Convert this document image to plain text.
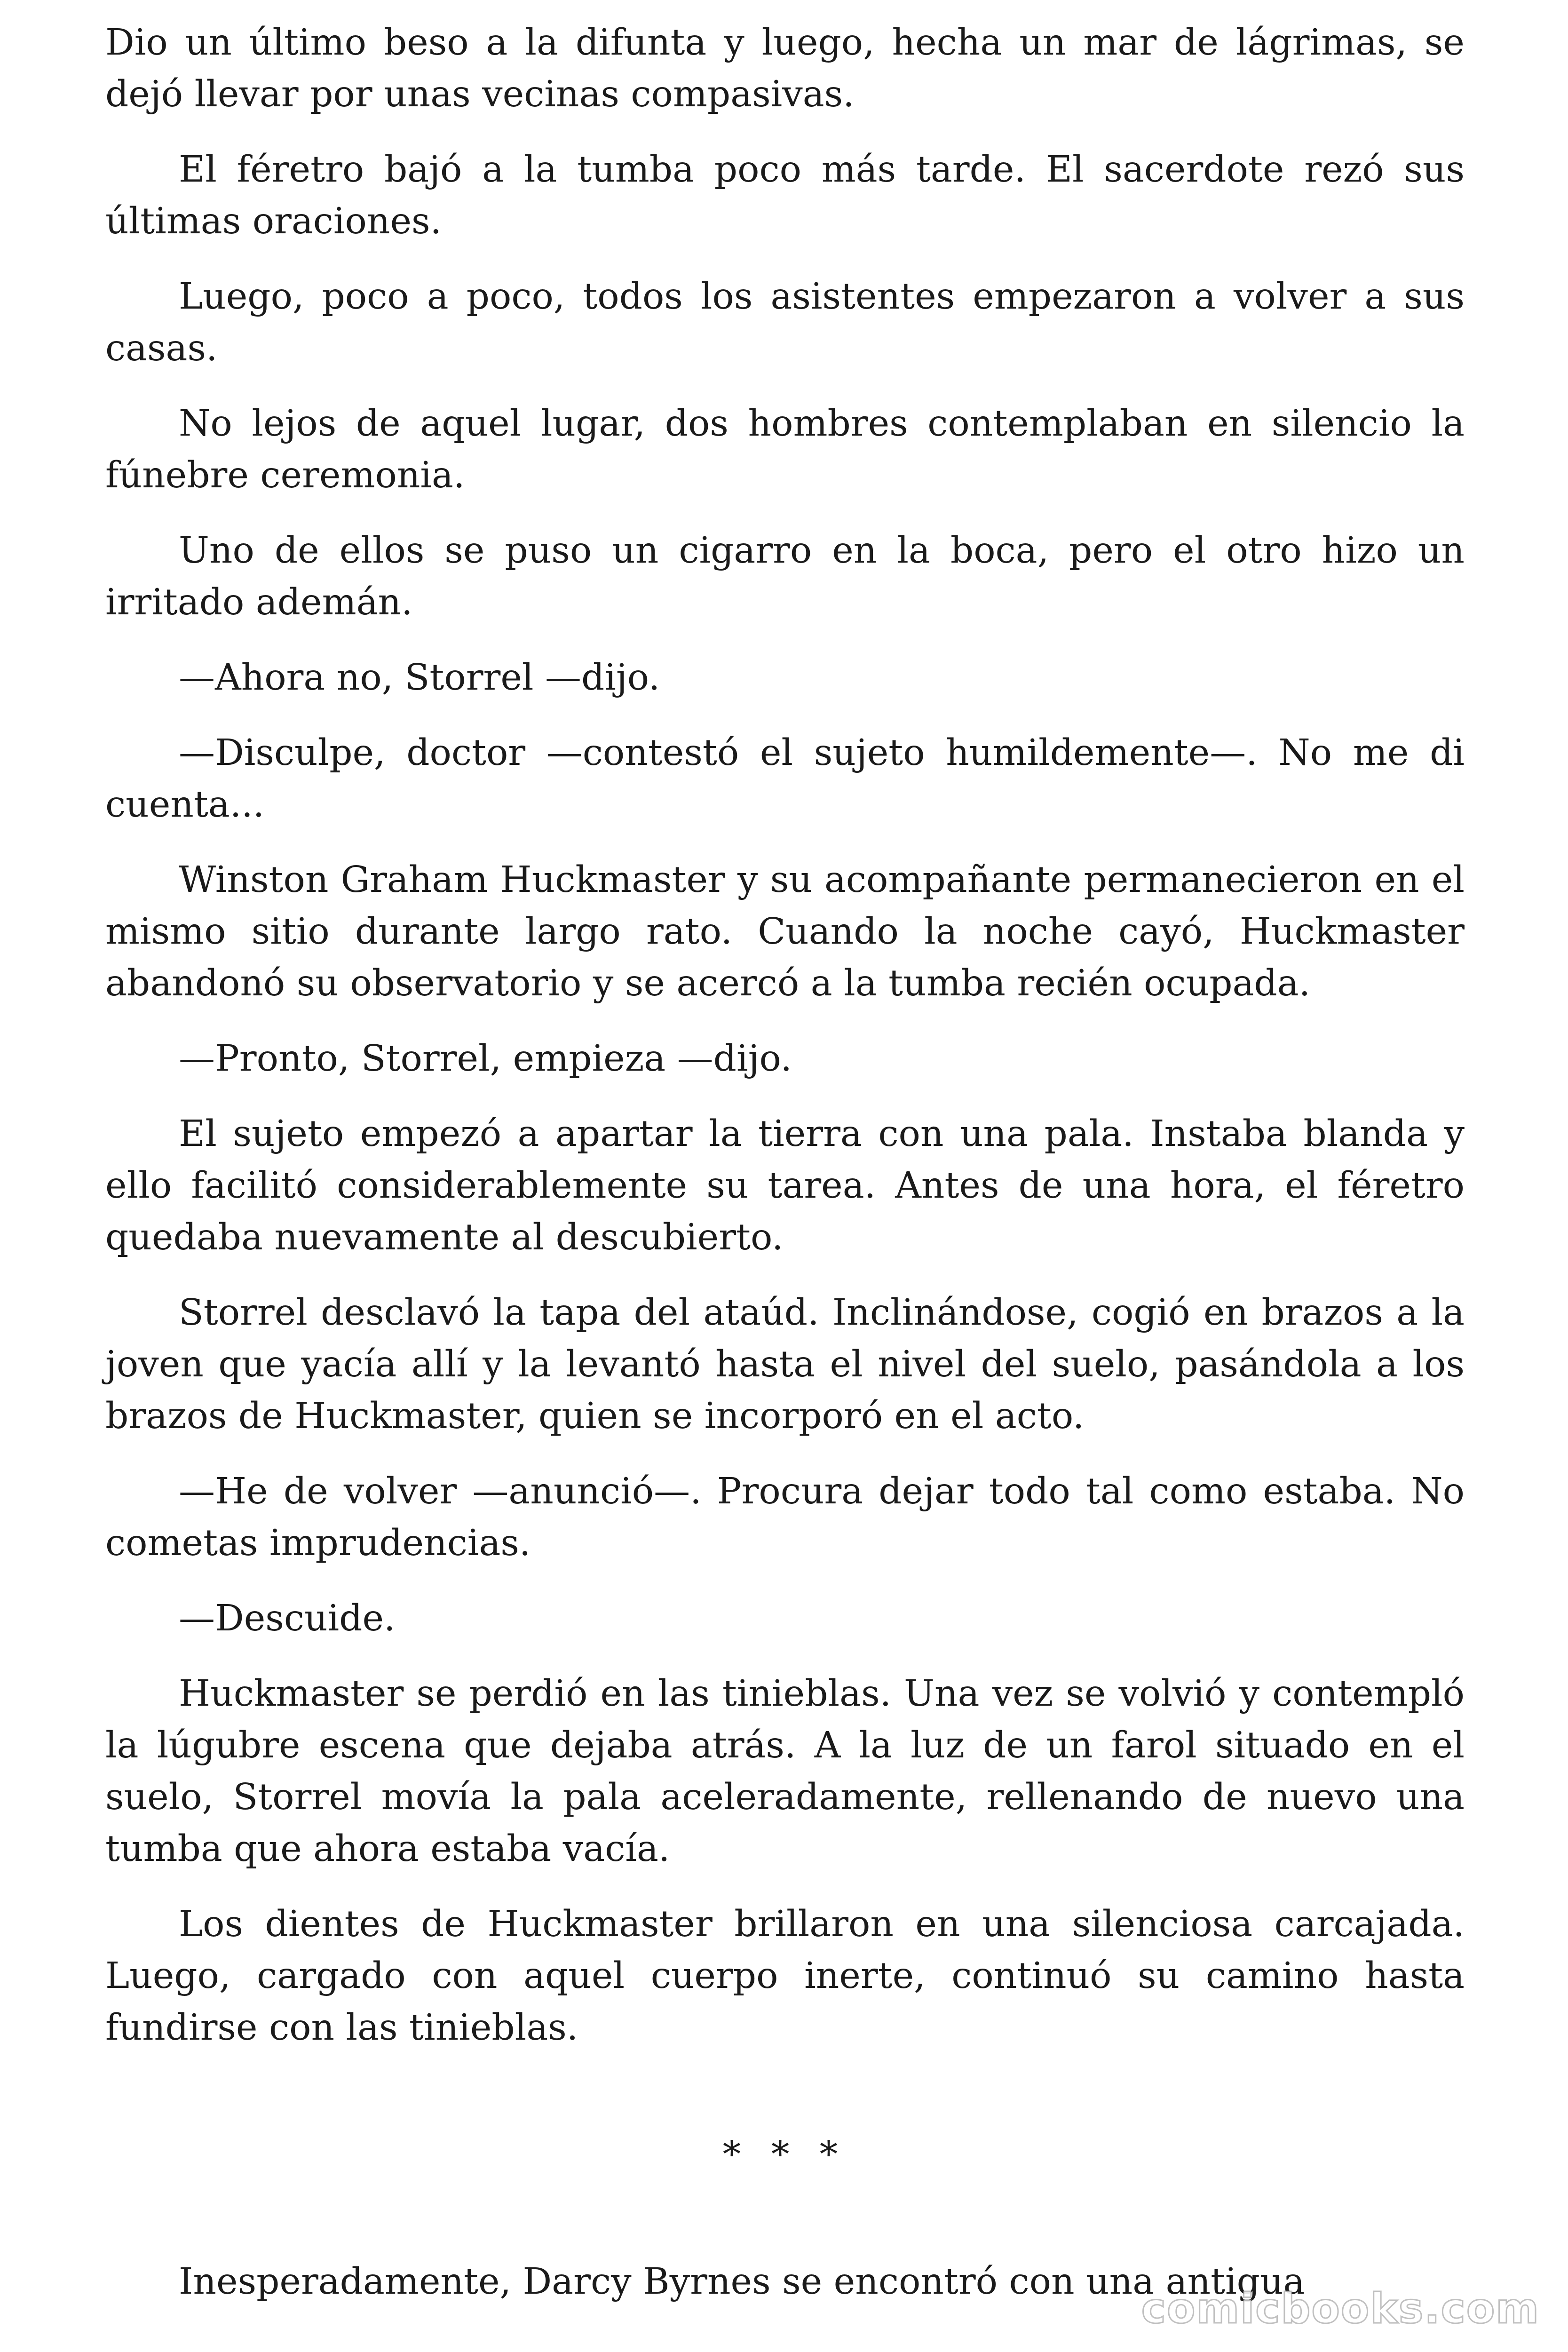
Dio un último beso a la difunta y luego, hecha un mar de lágrimas, se dejó llevar por unas vecinas compasivas.

El féretro bajó a la tumba poco más tarde. El sacerdote rezó sus últimas oraciones.

Luego, poco a poco, todos los asistentes empezaron a volver a sus casas.

No lejos de aquel lugar, dos hombres contemplaban en silencio la fúnebre ceremonia.

Uno de ellos se puso un cigarro en la boca, pero el otro hizo un irritado ademán.

—Ahora no, Storrel —dijo.

—Disculpe, doctor —contestó el sujeto humildemente—. No me di cuenta...

Winston Graham Huckmaster y su acompañante permanecieron en el mismo sitio durante largo rato. Cuando la noche cayó, Huckmaster abandonó su observatorio y se acercó a la tumba recién ocupada.

—Pronto, Storrel, empieza —dijo.

El sujeto empezó a apartar la tierra con una pala. Instaba blanda y ello facilitó considerablemente su tarea. Antes de una hora, el féretro quedaba nuevamente al descubierto.

Storrel desclavó la tapa del ataúd. Inclinándose, cogió en brazos a la joven que yacía allí y la levantó hasta el nivel del suelo, pasándola a los brazos de Huckmaster, quien se incorporó en el acto.

—He de volver —anunció—. Procura dejar todo tal como estaba. No cometas imprudencias.

—Descuide.

Huckmaster se perdió en las tinieblas. Una vez se volvió y contempló la lúgubre escena que dejaba atrás. A la luz de un farol situado en el suelo, Storrel movía la pala aceleradamente, rellenando de nuevo una tumba que ahora estaba vacía.

Los dientes de Huckmaster brillaron en una silenciosa carcajada. Luego, cargado con aquel cuerpo inerte, continuó su camino hasta fundirse con las tinieblas.

* * *

Inesperadamente, Darcy Byrnes se encontró con una antigua

comicbooks.com
